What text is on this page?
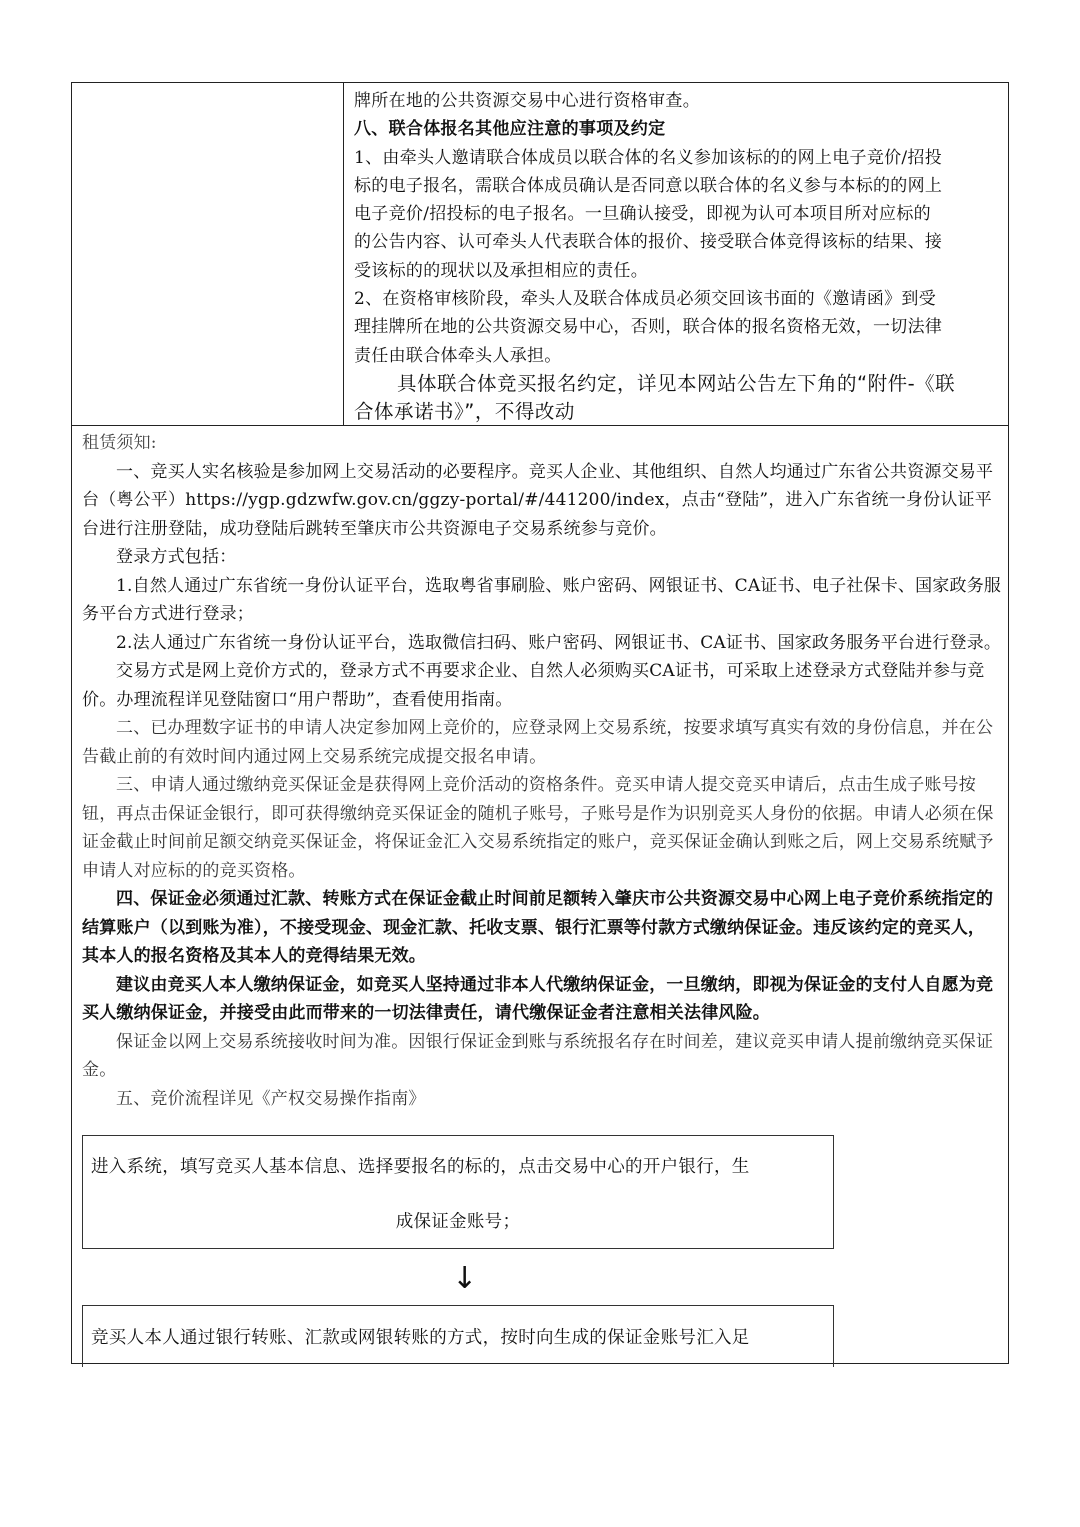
牌所在地的公共资源交易中心进行资格审查。

八、联合体报名其他应注意的事项及约定

1、由牵头人邀请联合体成员以联合体的名义参加该标的的网上电子竞价/招投

标的电子报名，需联合体成员确认是否同意以联合体的名义参与本标的的网上

电子竞价/招投标的电子报名。一旦确认接受，即视为认可本项目所对应标的

的公告内容、认可牵头人代表联合体的报价、接受联合体竞得该标的结果、接

受该标的的现状以及承担相应的责任。

2、在资格审核阶段，牵头人及联合体成员必须交回该书面的《邀请函》到受

理挂牌所在地的公共资源交易中心，否则，联合体的报名资格无效，一切法律

责任由联合体牵头人承担。

具体联合体竞买报名约定，详见本网站公告左下角的“附件-《联

合体承诺书》”，不得改动

租赁须知:

一、竞买人实名核验是参加网上交易活动的必要程序。竞买人企业、其他组织、自然人均通过广东省公共资源交易平台（粤公平）https://ygp.gdzwfw.gov.cn/ggzy-portal/#/441200/index，点击“登陆”，进入广东省统一身份认证平台进行注册登陆，成功登陆后跳转至肇庆市公共资源电子交易系统参与竞价。

登录方式包括：

1.自然人通过广东省统一身份认证平台，选取粤省事刷脸、账户密码、网银证书、CA证书、电子社保卡、国家政务服务平台方式进行登录；

2.法人通过广东省统一身份认证平台，选取微信扫码、账户密码、网银证书、CA证书、国家政务服务平台进行登录。

交易方式是网上竞价方式的，登录方式不再要求企业、自然人必须购买CA证书，可采取上述登录方式登陆并参与竞价。办理流程详见登陆窗口“用户帮助”，查看使用指南。

二、已办理数字证书的申请人决定参加网上竞价的，应登录网上交易系统，按要求填写真实有效的身份信息，并在公告截止前的有效时间内通过网上交易系统完成提交报名申请。

三、申请人通过缴纳竞买保证金是获得网上竞价活动的资格条件。竞买申请人提交竞买申请后，点击生成子账号按钮，再点击保证金银行，即可获得缴纳竞买保证金的随机子账号，子账号是作为识别竞买人身份的依据。申请人必须在保证金截止时间前足额交纳竞买保证金，将保证金汇入交易系统指定的账户，竞买保证金确认到账之后，网上交易系统赋予申请人对应标的的竞买资格。

四、保证金必须通过汇款、转账方式在保证金截止时间前足额转入肇庆市公共资源交易中心网上电子竞价系统指定的结算账户（以到账为准），不接受现金、现金汇款、托收支票、银行汇票等付款方式缴纳保证金。违反该约定的竞买人，其本人的报名资格及其本人的竞得结果无效。

建议由竞买人本人缴纳保证金，如竞买人坚持通过非本人代缴纳保证金，一旦缴纳，即视为保证金的支付人自愿为竞买人缴纳保证金，并接受由此而带来的一切法律责任，请代缴保证金者注意相关法律风险。

保证金以网上交易系统接收时间为准。因银行保证金到账与系统报名存在时间差，建议竞买申请人提前缴纳竞买保证金。

五、竞价流程详见《产权交易操作指南》

进入系统，填写竞买人基本信息、选择要报名的标的，点击交易中心的开户银行，生
成保证金账号；
↓
竞买人本人通过银行转账、汇款或网银转账的方式，按时向生成的保证金账号汇入足
